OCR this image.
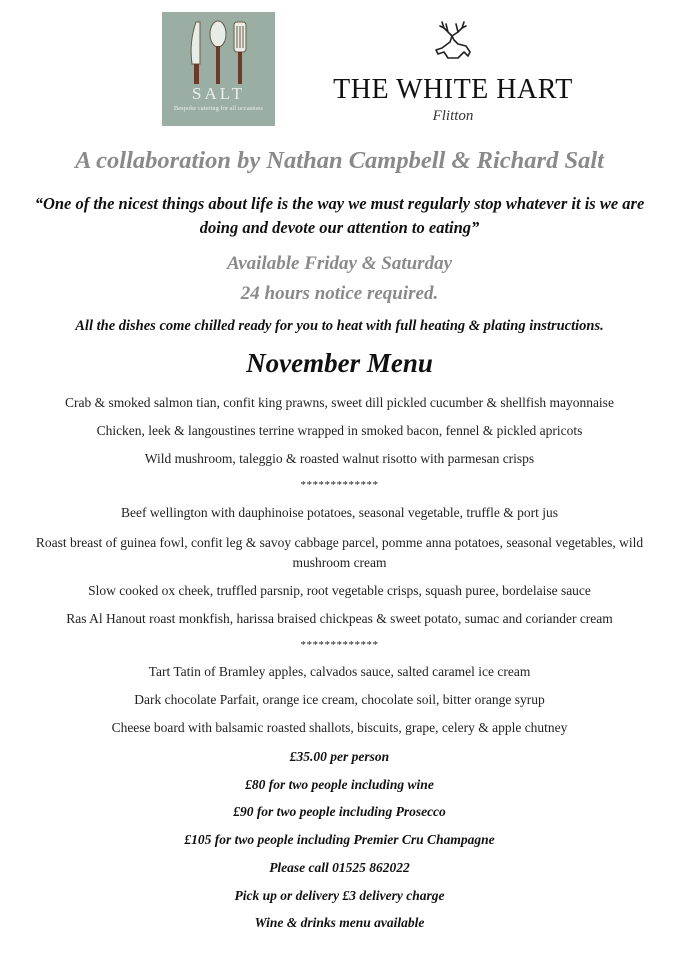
SALT
Bespoke catering for all occasions
THE WHITE HART
Flitton
A collaboration by Nathan Campbell & Richard Salt
“One of the nicest things about life is the way we must regularly stop whatever it is we are doing and devote our attention to eating”
Available Friday & Saturday
24 hours notice required.
All the dishes come chilled ready for you to heat with full heating & plating instructions.
November Menu
Crab & smoked salmon tian, confit king prawns, sweet dill pickled cucumber & shellfish mayonnaise
Chicken, leek & langoustines terrine wrapped in smoked bacon, fennel & pickled apricots
Wild mushroom, taleggio & roasted walnut risotto with parmesan crisps
*************
Beef wellington with dauphinoise potatoes, seasonal vegetable, truffle & port jus
Roast breast of guinea fowl, confit leg & savoy cabbage parcel, pomme anna potatoes, seasonal vegetables, wild mushroom cream
Slow cooked ox cheek, truffled parsnip, root vegetable crisps, squash puree, bordelaise sauce
Ras Al Hanout roast monkfish, harissa braised chickpeas & sweet potato, sumac and coriander cream
*************
Tart Tatin of Bramley apples, calvados sauce, salted caramel ice cream
Dark chocolate Parfait, orange ice cream, chocolate soil, bitter orange syrup
Cheese board with balsamic roasted shallots, biscuits, grape, celery & apple chutney
£35.00 per person
£80 for two people including wine
£90 for two people including Prosecco
£105 for two people including Premier Cru Champagne
Please call 01525 862022
Pick up or delivery £3 delivery charge
Wine & drinks menu available
